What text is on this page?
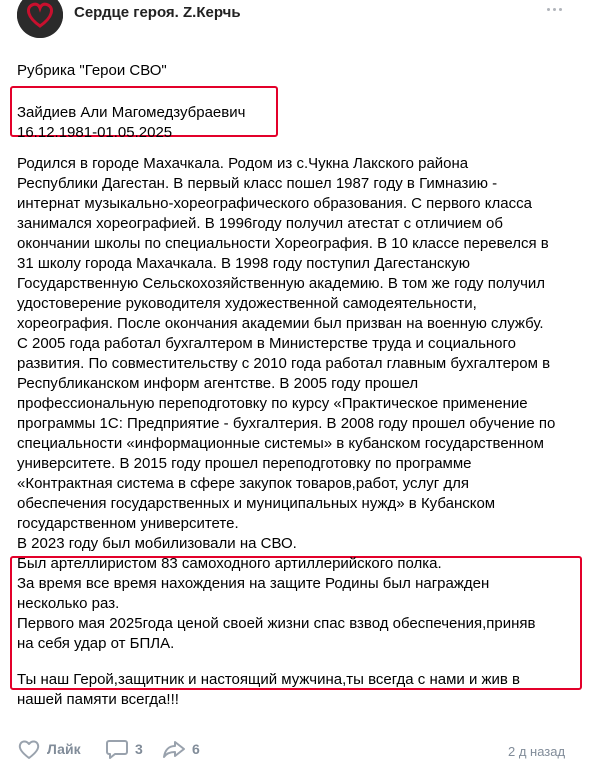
Сердце героя. Z.Керчь
Рубрика "Герои СВО"
Зайдиев Али Магомедзубраевич
16.12.1981-01.05.2025
Родился в городе Махачкала. Родом из с.Чукна Лакского района
Республики Дагестан. В первый класс пошел 1987 году в Гимназию -
интернат музыкально-хореографического образования. С первого класса
занимался хореографией. В 1996году получил атестат с отличием об
окончании школы по специальности Хореография. В 10 классе перевелся в
31 школу города Махачкала. В 1998 году поступил Дагестанскую
Государственную Сельскохозяйственную академию. В том же году получил
удостоверение руководителя художественной самодеятельности,
хореография. После окончания академии был призван на военную службу.
С 2005 года работал бухгалтером в Министерстве труда и социального
развития. По совместительству с 2010 года работал главным бухгалтером в
Республиканском информ агентстве. В 2005 году прошел
профессиональную переподготовку по курсу «Практическое применение
программы 1С: Предприятие - бухгалтерия. В 2008 году прошел обучение по
специальности «информационные системы» в кубанском государственном
университете. В 2015 году прошел переподготовку по программе
«Контрактная система в сфере закупок товаров,работ, услуг для
обеспечения государственных и муниципальных нужд» в Кубанском
государственном университете.
В 2023 году был мобилизовали на СВО.
Был артеллиристом 83 самоходного артиллерийского полка.
За время все время нахождения на защите Родины был награжден
несколько раз.
Первого мая 2025года ценой своей жизни спас взвод обеспечения,приняв
на себя удар от БПЛА.
Ты наш Герой,защитник и настоящий мужчина,ты всегда с нами и жив в
нашей памяти всегда!!!
Лайк	3	6	2 д назад
